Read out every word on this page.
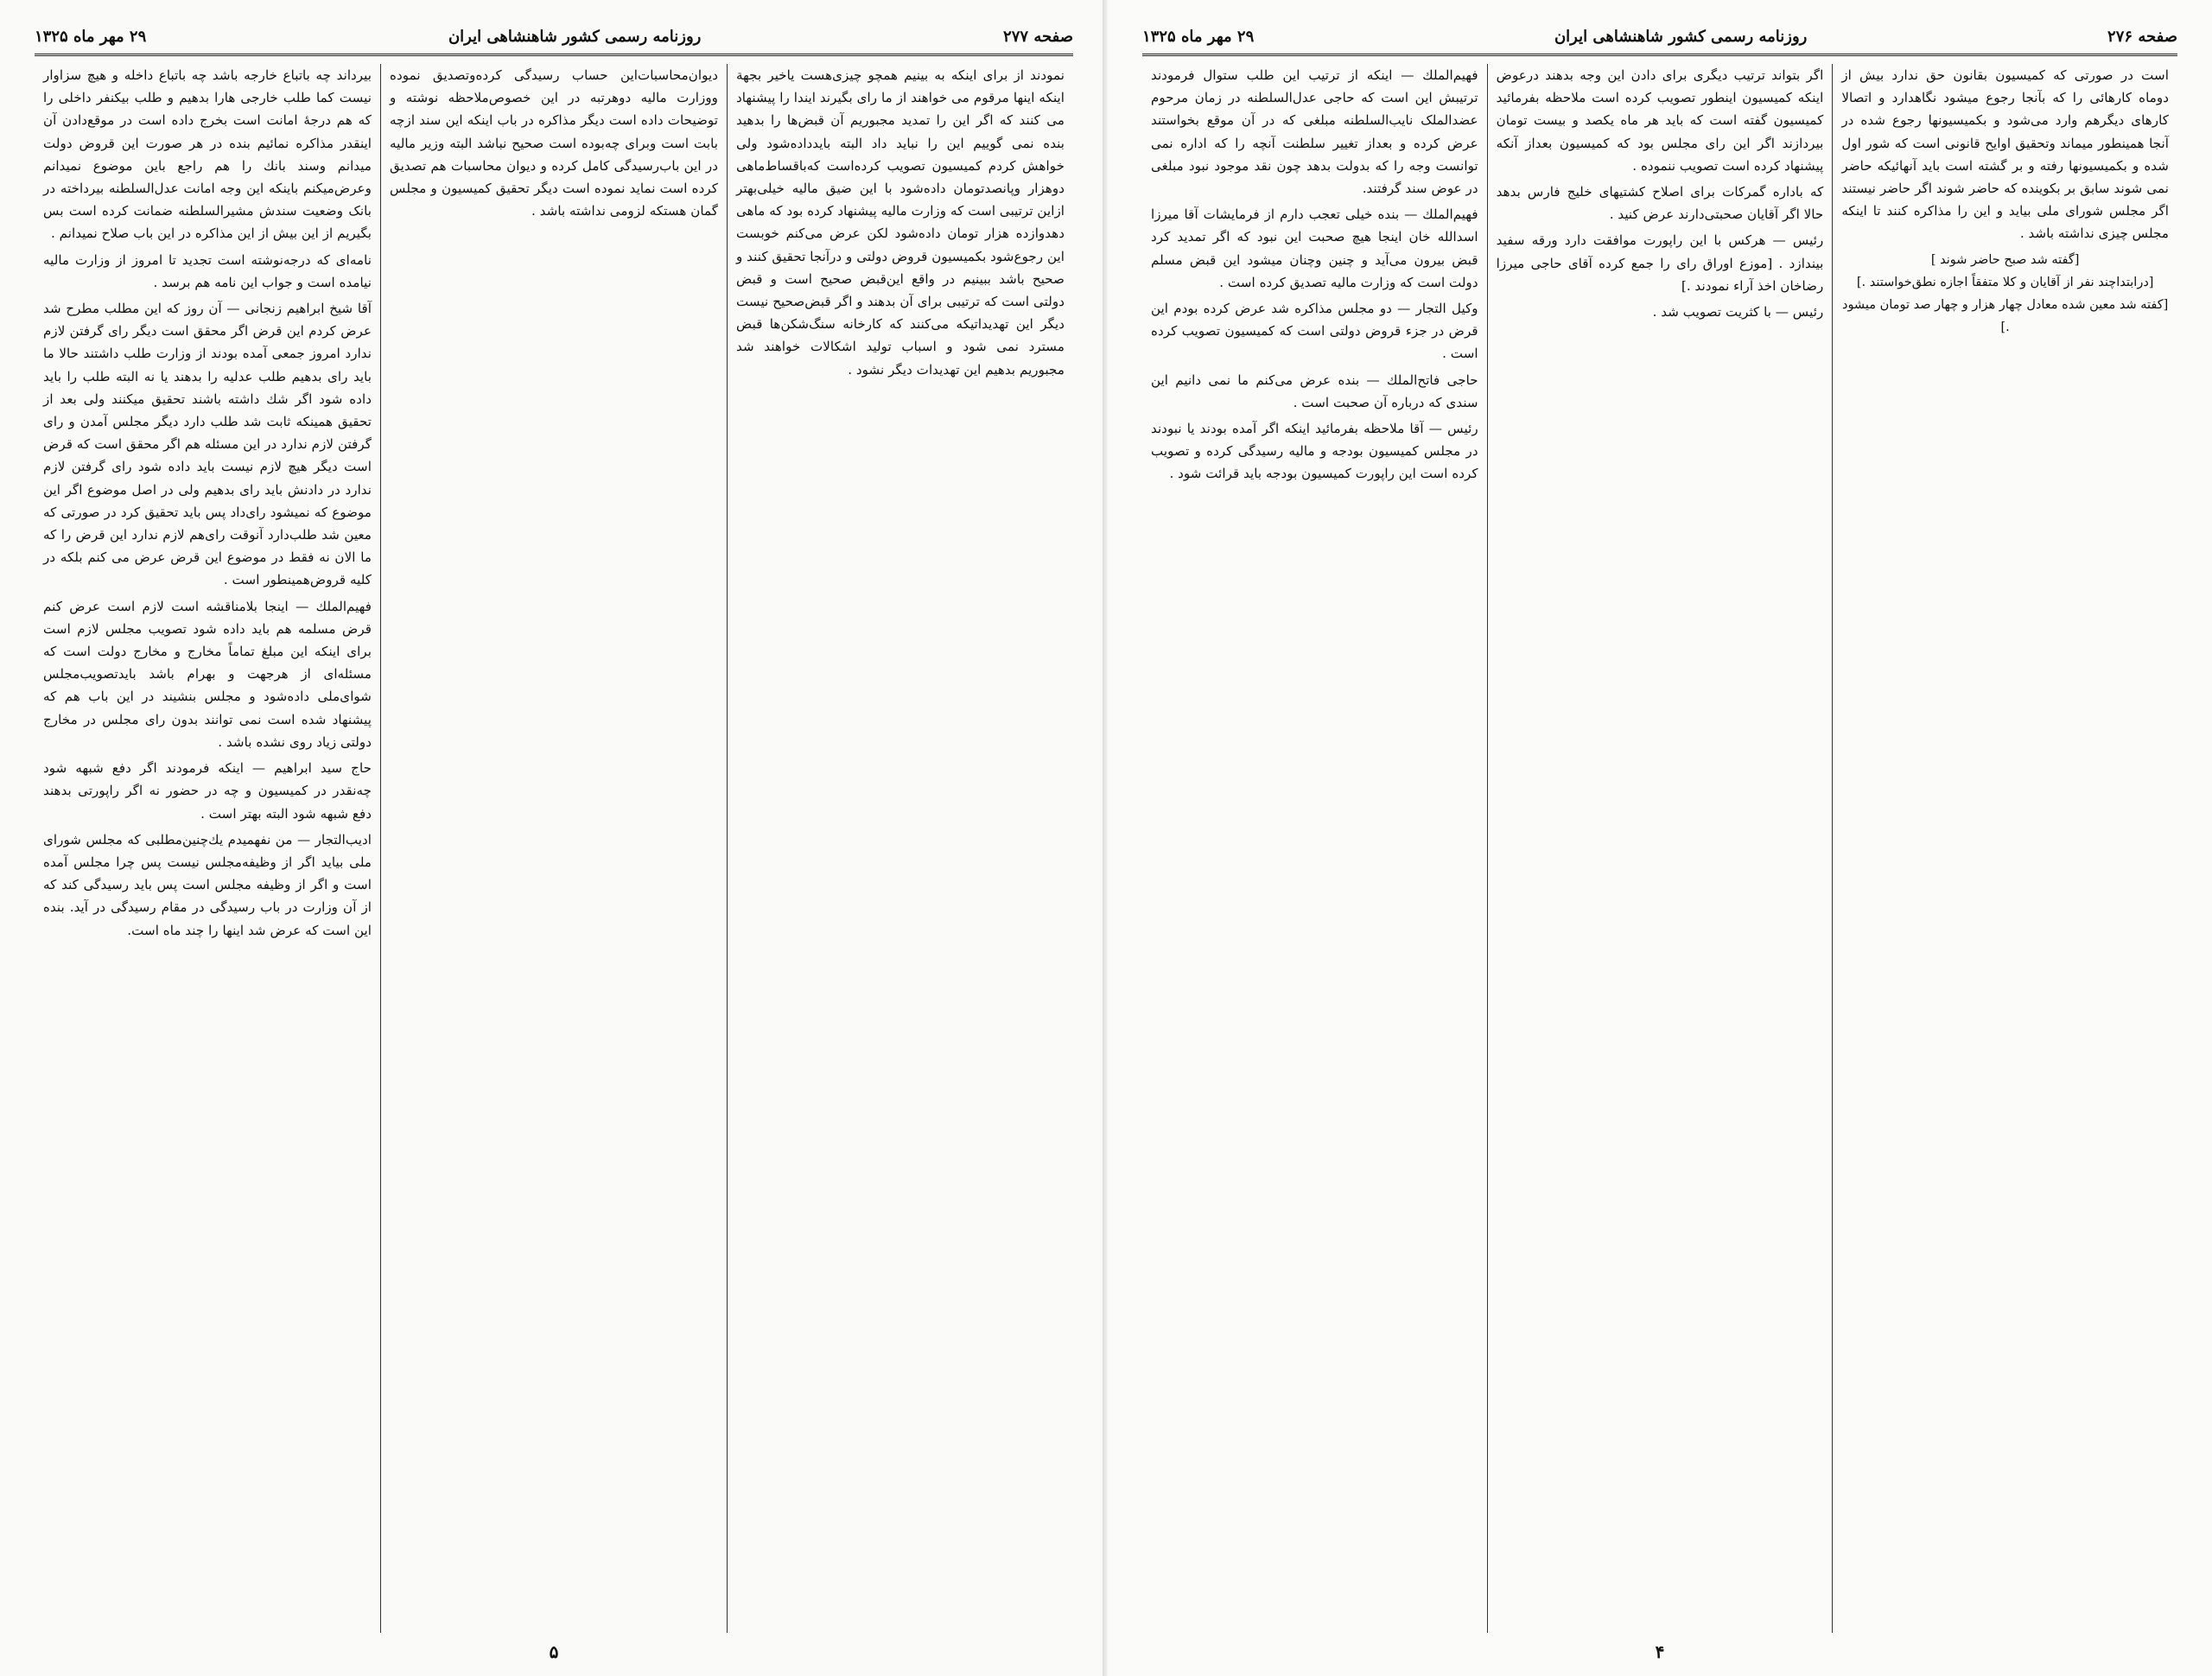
صفحه ۲۷۷
روزنامه رسمی کشور شاهنشاهی ایران
۲۹ مهر ماه ۱۳۲۵

نمودند از برای اینکه به بینیم همچو چیزی‌هست یاخیر بجهة اینکه اینها مرقوم می خواهند از ما رای بگیرند ایندا را پیشنهاد می کنند که اگر این را تمدید مجبوریم آن قبض‌ها را بدهید بنده نمی گوییم این را نباید داد البته بایدداده‌شود ولی خواهش کردم کمیسیون تصویب کرده‌است که‌باقساط‌ماهی دوهزار وپانصد‌تومان داده‌شود با این ضیق مالیه خیلی‌بهتر ازاین ترتیبی است که وزارت مالیه پیشنهاد کرده بود که ماهی دهدوازده هزار تومان داده‌شود لکن عرض می‌کنم خوبست این رجوع‌شود بکمیسیون قروض دولتی و درآنجا تحقیق کنند و صحیح باشد ببینیم در واقع این‌قبض صحیح است و قبض دولتی است که ترتیبی برای آن بدهند و اگر قبض‌صحیح نیست دیگر این تهدیداتیکه می‌کنند که کارخانه سنگ‌شکن‌ها قبض مسترد نمی شود و اسباب تولید اشکالات خواهند شد مجبوریم بدهیم این تهدیدات دیگر نشود .

دیوان‌محاسبات‌این حساب رسیدگی کرده‌وتصدیق نموده ووزارت مالیه دوهرتبه در این خصوص‌ملاحظه نوشته و توضیحات داده است دیگر مذاکره در باب اینکه این سند ازچه بابت است وبرای چه‌بوده است صحیح نباشد البته وزیر مالیه در این باب‌رسیدگی کامل کرده و دیوان محاسبات هم تصدیق کرده است نماید نموده است دیگر تحقیق کمیسیون و مجلس گمان هستکه لزومی نداشته باشد .

بیرداند چه باتباع خارجه باشد چه باتباع داخله و هیچ سزاوار نیست کما طلب خارجی هارا بدهیم و طلب بیکنفر داخلی را که هم درجهٔ امانت است بخرج داده است در موقع‌دادن آن اینقدر مذاکره نمائیم بنده در هر صورت این قروض دولت میدانم وسند بانك را هم راجع باین موضوع نمیدانم وعرض‌میکنم باینکه این وجه امانت عدل‌السلطنه بیرداخته در بانک وضعیت سندش مشیرالسلطنه ضمانت کرده است بس بگیریم از این بیش از این مذاکره در این باب صلاح نمیدانم .

نامه‌ای که درجه‌نوشته است تجدید تا امروز از وزارت مالیه نیامده است و جواب این نامه هم برسد .

آقا شیخ ابراهیم زنجانی — آن روز که این مطلب مطرح شد عرض کردم این قرض اگر محقق است دیگر رای گرفتن لازم ندارد امروز جمعی آمده بودند از وزارت طلب داشتند حالا ما باید رای بدهیم طلب عدلیه را بدهند یا نه البته طلب را باید داده شود اگر شك داشته باشند تحقیق میکنند ولی بعد از تحقیق همینکه ثابت شد طلب دارد دیگر مجلس آمدن و رای گرفتن لازم ندارد در این مسئله هم اگر محقق است که قرض است دیگر هیچ لازم نیست باید داده شود رای گرفتن لازم ندارد در دادنش باید رای بدهیم ولی در اصل موضوع اگر این موضوع که نمیشود رای‌داد پس باید تحقیق کرد در صورتی که معین شد طلب‌دارد آنوقت رای‌هم لازم ندارد این قرض را که ما الان نه فقط در موضوع این قرض عرض می کنم بلکه در کلیه قروض‌همینطور است .

فهیم‌الملك — اینجا بلامناقشه است لازم است عرض کنم قرض مسلمه هم باید داده شود تصویب مجلس لازم است برای اینکه این مبلغ تماماً مخارج و مخارج دولت است که مسئله‌ای از هرجهت و بهرام باشد بایدتصویب‌مجلس شوای‌ملی داده‌شود و مجلس بنشیند در این باب هم که پیشنهاد شده است نمی توانند بدون رای مجلس در مخارج دولتی زیاد روی نشده باشد .

حاج سید ابراهیم — اینکه فرمودند اگر دفع شبهه شود چه‌نقدر در کمیسیون و چه در حضور نه اگر راپورتی بدهند دفع شبهه شود البته بهتر است .

ادیب‌التجار — من نفهمیدم یك‌چنین‌مطلبی که مجلس شورای ملی بیاید اگر از وظیفه‌مجلس نیست پس چرا مجلس آمده است و اگر از وظیفه مجلس است پس باید رسیدگی کند که از آن وزارت در باب رسیدگی در مقام رسیدگی در آید. بنده این است که عرض شد اینها را چند ماه است.

۵
صفحه ۲۷۶
روزنامه رسمی کشور شاهنشاهی ایران
۲۹ مهر ماه ۱۳۲۵

است در صورتی که کمیسیون بقانون حق ندارد بیش از دوماه کارهائی را که بآنجا رجوع میشود نگاهدارد و اتصالا کارهای دیگرهم وارد می‌شود و بکمیسیونها رجوع شده در آنجا همینطور میماند وتحقیق اوایح قانونی است که شور اول شده و بکمیسیونها رفته و بر گشته است باید آنهائیکه حاضر نمی شوند سابق بر بکوینده که حاضر شوند اگر حاضر نیستند اگر مجلس شورای ملی بیاید و این را مذاکره کنند تا اینکه مجلس چیزی نداشته باشد .

[گفته شد صبح حاضر شوند ]
[درابتداچند نفر از آقایان و کلا متفقاً اجازه نطق‌خواستند .]
[کفته شد معین شده معادل چهار هزار و چهار صد تومان‌ میشود .]

اگر بتواند ترتیب دیگری برای دادن این وجه بدهند درعوض اینکه کمیسیون اینطور تصویب کرده است ملاحظه بفرمائید کمیسیون گفته است که باید هر ماه یکصد و بیست تومان بیردازند اگر این رای مجلس بود که کمیسیون بعداز آنکه پیشنهاد کرده است تصویب ننموده .

که باداره گمرکات برای اصلاح کشتیهای خلیج فارس بدهد حالا اگر آقایان صحبتی‌دارند عرض کنید .

رئیس — هرکس با این راپورت موافقت دارد ورقه سفید بیندازد . [موزع اوراق رای‌ را جمع کرده آقای حاجی میرزا رضا‌خان اخذ آراء نمودند .]

رئیس — با کثریت تصویب شد .

فهیم‌الملك — اینکه از ترتیب این طلب ستوال فرمودند ترتیبش این است که حاجی عدل‌السلطنه در زمان مرحوم عضدالملک نایب‌السلطنه مبلغی که در آن موقع بخواستند عرض کرده و بعداز تغییر سلطنت آنچه را که اداره نمی توانست وجه را که بدولت بدهد چون نقد موجود نبود مبلغی در عوض سند گرفتند.

فهیم‌الملك — بنده خیلی تعجب دارم از فرمایشات آقا میرزا اسدالله خان اینجا هیچ صحبت این نبود که اگر تمدید کرد قبض بیرون می‌آید و چنین وچنان میشود این قبض مسلم دولت است که وزارت مالیه تصدیق کرده است .

وکیل التجار — دو مجلس مذاکره شد عرض کرده بودم این قرض در جزء قروض دولتی است که کمیسیون تصویب کرده است .

حاجی فاتح‌الملك — بنده عرض می‌کنم ما نمی دانیم این سندی که درباره آن صحبت است .

رئیس — آقا ملاحظه بفرمائید اینکه اگر آمده بودند یا نبودند در مجلس کمیسیون بودجه و مالیه رسیدگی کرده و تصویب کرده است این راپورت کمیسیون بودجه باید قرائت شود .

۴
